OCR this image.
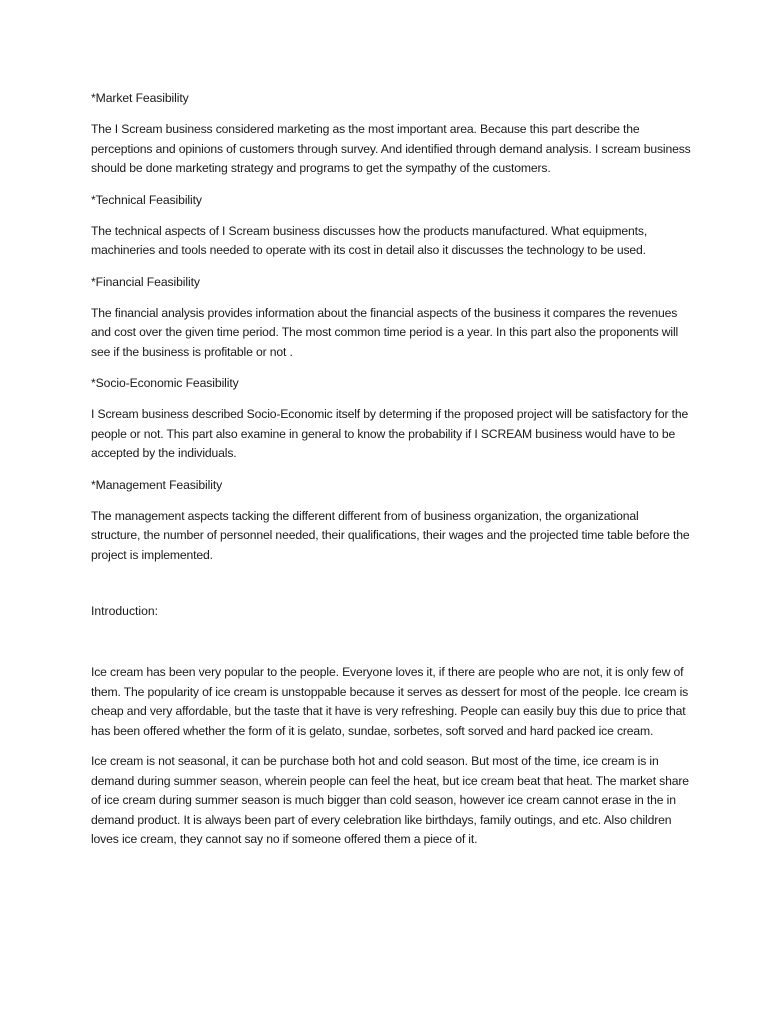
*Market Feasibility

The I Scream business considered marketing as the most important area. Because this part describe the perceptions and opinions of customers through survey. And identified through demand analysis. I scream business should be done marketing strategy and programs to get the sympathy of the customers.

*Technical Feasibility

The technical aspects of I Scream business discusses how the products manufactured. What equipments, machineries and tools needed to operate with its cost in detail also it discusses the technology to be used.

*Financial Feasibility

The financial analysis provides information about the financial aspects of the business it compares the revenues and cost over the given time period. The most common time period is a year. In this part also the proponents will see if the business is profitable or not .

*Socio-Economic Feasibility

I Scream business described Socio-Economic itself by determing if the proposed project will be satisfactory for the people or not. This part also examine in general to know the probability if I SCREAM business would have to be accepted by the individuals.

*Management Feasibility

The management aspects tacking the different different from of business organization, the organizational structure, the number of personnel needed, their qualifications, their wages and the projected time table before the project is implemented.

Introduction:

Ice cream has been very popular to the people. Everyone loves it, if there are people who are not, it is only few of them. The popularity of ice cream is unstoppable because it serves as dessert for most of the people. Ice cream is cheap and very affordable, but the taste that it have is very refreshing. People can easily buy this due to price that has been offered whether the form of it is gelato, sundae, sorbetes, soft sorved and hard packed ice cream.

Ice cream is not seasonal, it can be purchase both hot and cold season. But most of the time, ice cream is in demand during summer season, wherein people can feel the heat, but ice cream beat that heat. The market share of ice cream during summer season is much bigger than cold season, however ice cream cannot erase in the in demand product. It is always been part of every celebration like birthdays, family outings, and etc. Also children loves ice cream, they cannot say no if someone offered them a piece of it.
